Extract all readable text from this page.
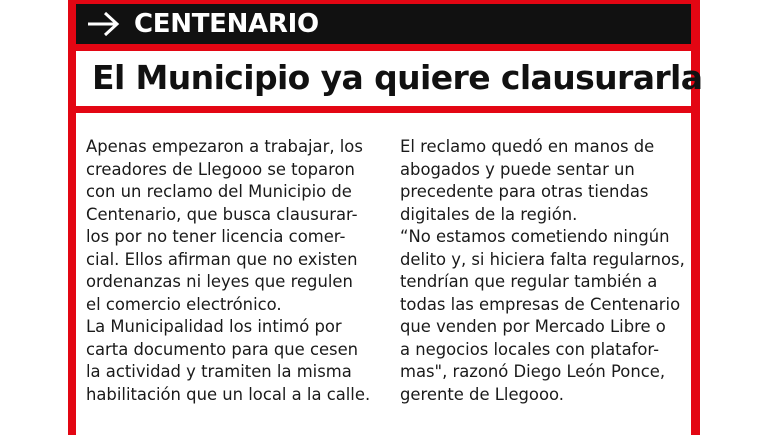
CENTENARIO
El Municipio ya quiere clausurarla

Apenas empezaron a trabajar, los

creadores de Llegooo se toparon

con un reclamo del Municipio de

Centenario, que busca clausurar-

los por no tener licencia comer-

cial. Ellos afirman que no existen

ordenanzas ni leyes que regulen

el comercio electrónico.

La Municipalidad los intimó por

carta documento para que cesen

la actividad y tramiten la misma

habilitación que un local a la calle.

El reclamo quedó en manos de

abogados y puede sentar un

precedente para otras tiendas

digitales de la región.

“No estamos cometiendo ningún

delito y, si hiciera falta regularnos,

tendrían que regular también a

todas las empresas de Centenario

que venden por Mercado Libre o

a negocios locales con platafor-

mas", razonó Diego León Ponce,

gerente de Llegooo.
